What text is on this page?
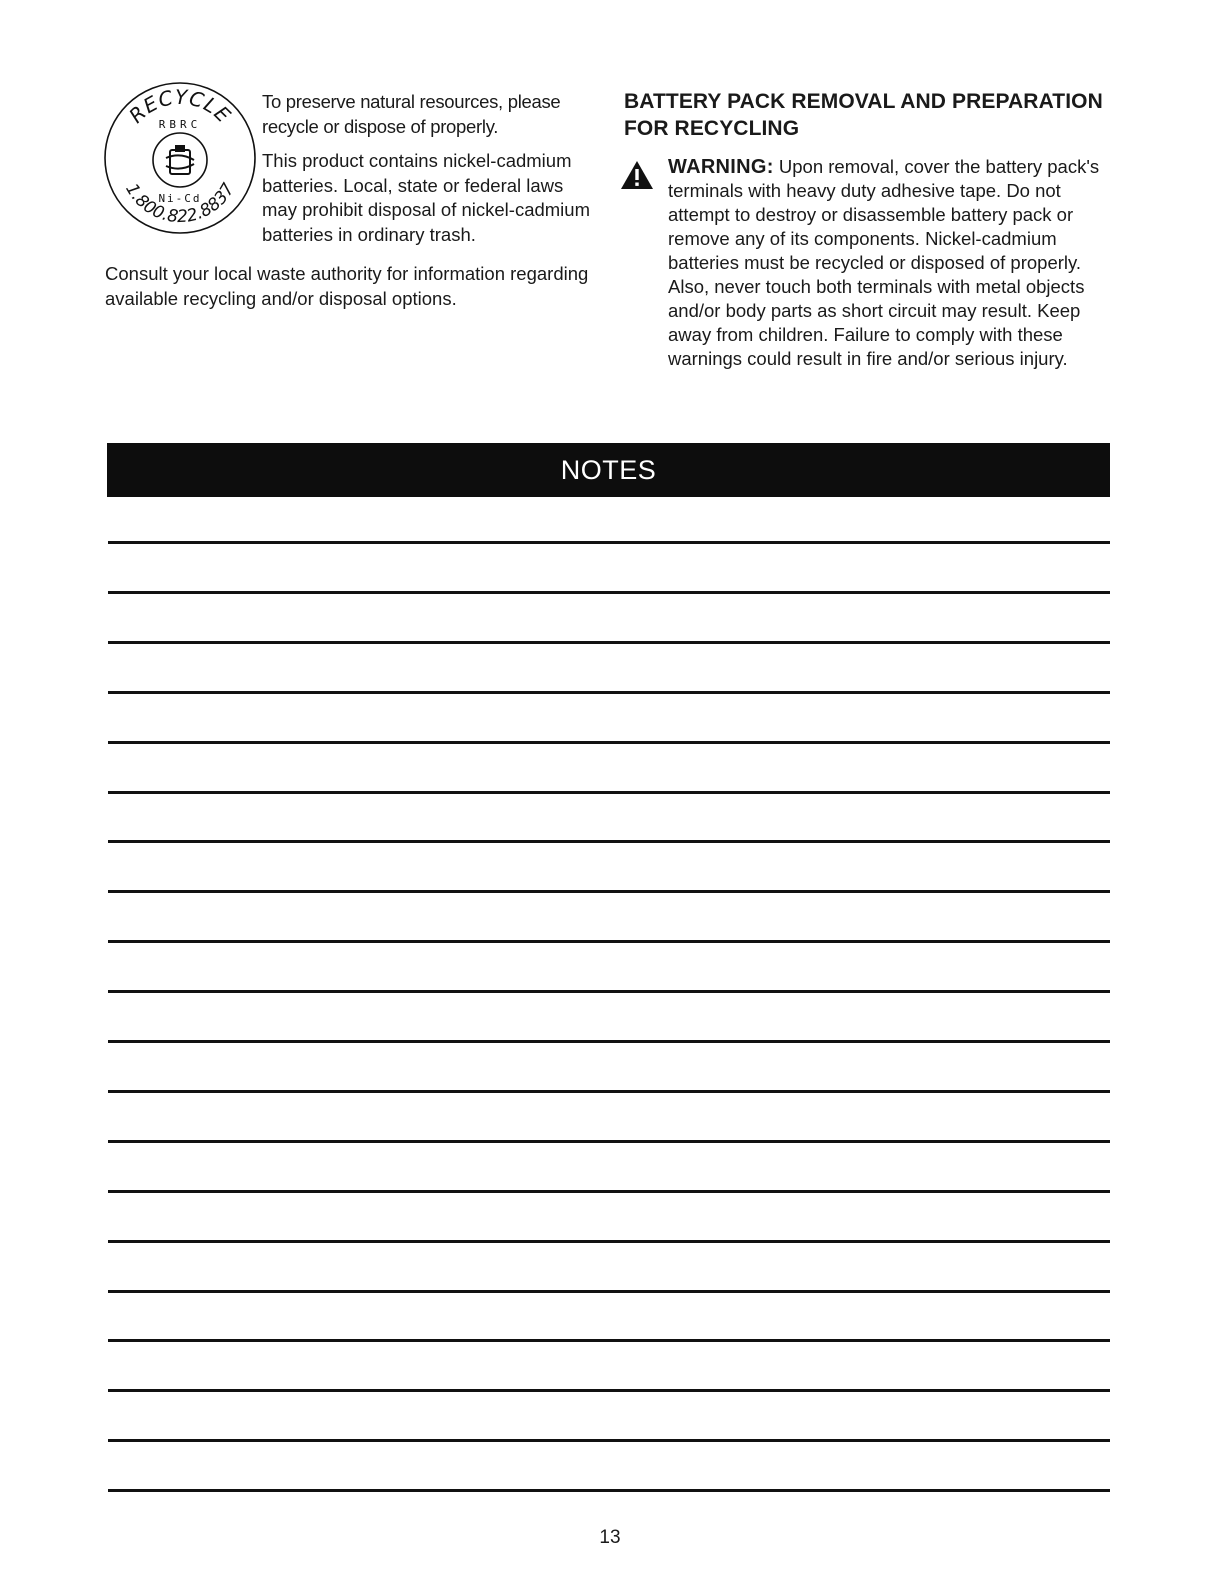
RECYCLE
RBRC
Ni-Cd
1.800.822.8837

To preserve natural resources, please recycle or dispose of properly.

This product contains nickel-cadmium batteries. Local, state or federal laws may prohibit disposal of nickel-cadmium batteries in ordinary trash.

Consult your local waste authority for information regarding available recycling and/or disposal options.

BATTERY PACK REMOVAL AND PREPARATION FOR RECYCLING

WARNING: Upon removal, cover the battery pack's terminals with heavy duty adhesive tape. Do not attempt to destroy or disassemble battery pack or remove any of its components. Nickel-cadmium batteries must be recycled or disposed of properly. Also, never touch both terminals with metal objects and/or body parts as short circuit may result. Keep away from children. Failure to comply with these warnings could result in fire and/or serious injury.

NOTES
13
